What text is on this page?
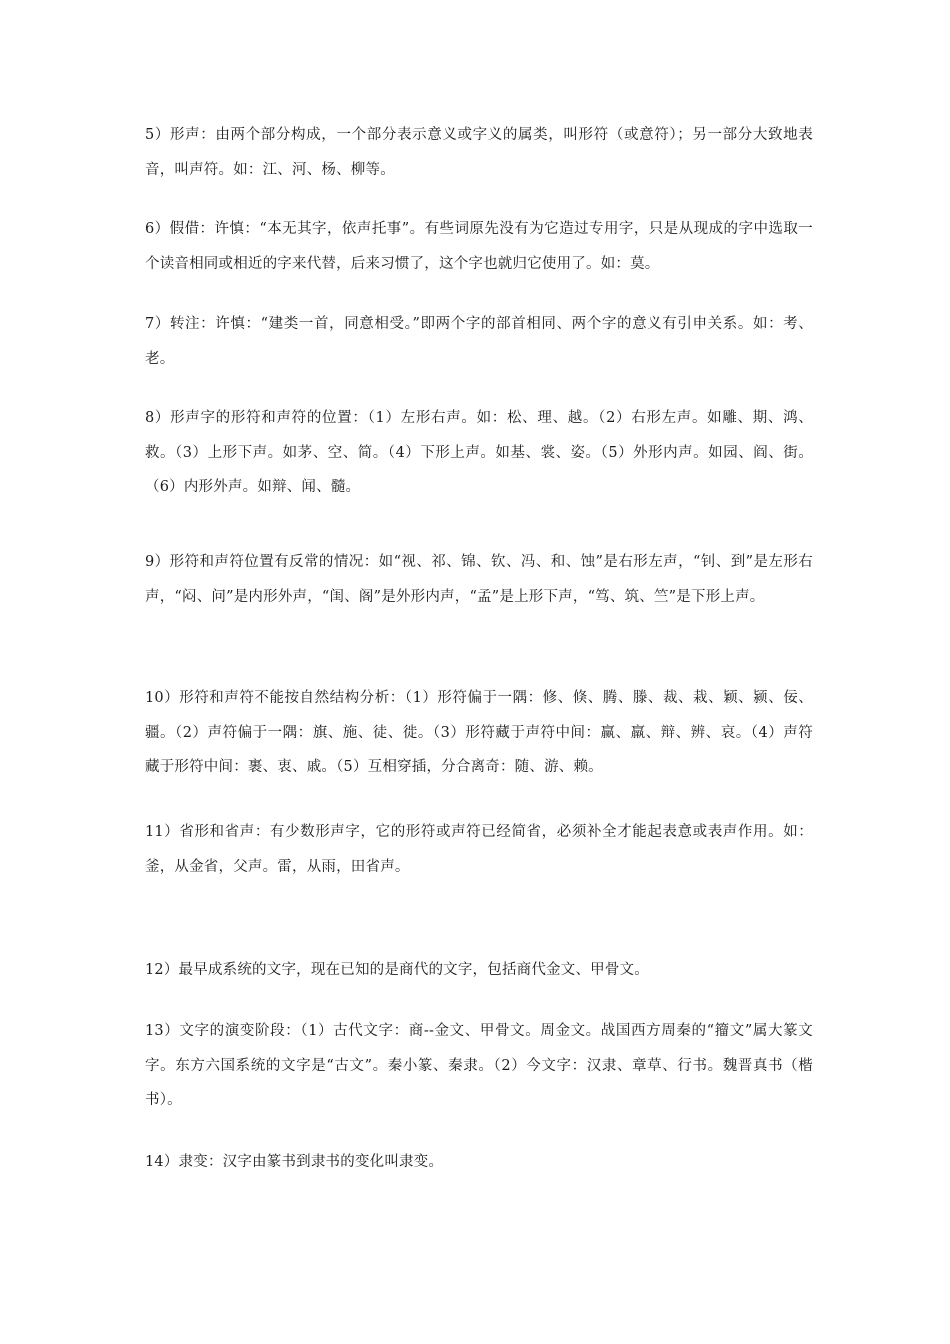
5）形声：由两个部分构成，一个部分表示意义或字义的属类，叫形符（或意符）；另一部分大致地表音，叫声符。如：江、河、杨、柳等。

6）假借：许慎：“本无其字，依声托事”。有些词原先没有为它造过专用字，只是从现成的字中选取一个读音相同或相近的字来代替，后来习惯了，这个字也就归它使用了。如：莫。

7）转注：许慎：“建类一首，同意相受。”即两个字的部首相同、两个字的意义有引申关系。如：考、老。

8）形声字的形符和声符的位置：（1）左形右声。如：松、理、越。（2）右形左声。如雕、期、鸿、救。（3）上形下声。如茅、空、简。（4）下形上声。如基、裳、姿。（5）外形内声。如园、阎、街。（6）内形外声。如辩、闻、髓。

9）形符和声符位置有反常的情况：如“视、祁、锦、钦、冯、和、蚀”是右形左声，“钊、到”是左形右声，“闷、问”是内形外声，“闺、阁”是外形内声，“孟”是上形下声，“笃、筑、竺”是下形上声。

10）形符和声符不能按自然结构分析：（1）形符偏于一隅：修、倏、腾、滕、裁、栽、颖、颍、佞、疆。（2）声符偏于一隅：旗、施、徒、徙。（3）形符藏于声符中间：赢、羸、辩、辨、哀。（4）声符藏于形符中间：裹、衷、戚。（5）互相穿插，分合离奇：随、游、赖。

11）省形和省声：有少数形声字，它的形符或声符已经简省，必须补全才能起表意或表声作用。如：釜，从金省，父声。雷，从雨，田省声。

12）最早成系统的文字，现在已知的是商代的文字，包括商代金文、甲骨文。

13）文字的演变阶段：（1）古代文字：商--金文、甲骨文。周金文。战国西方周秦的“籀文”属大篆文字。东方六国系统的文字是“古文”。秦小篆、秦隶。（2）今文字：汉隶、章草、行书。魏晋真书（楷书）。

14）隶变：汉字由篆书到隶书的变化叫隶变。
